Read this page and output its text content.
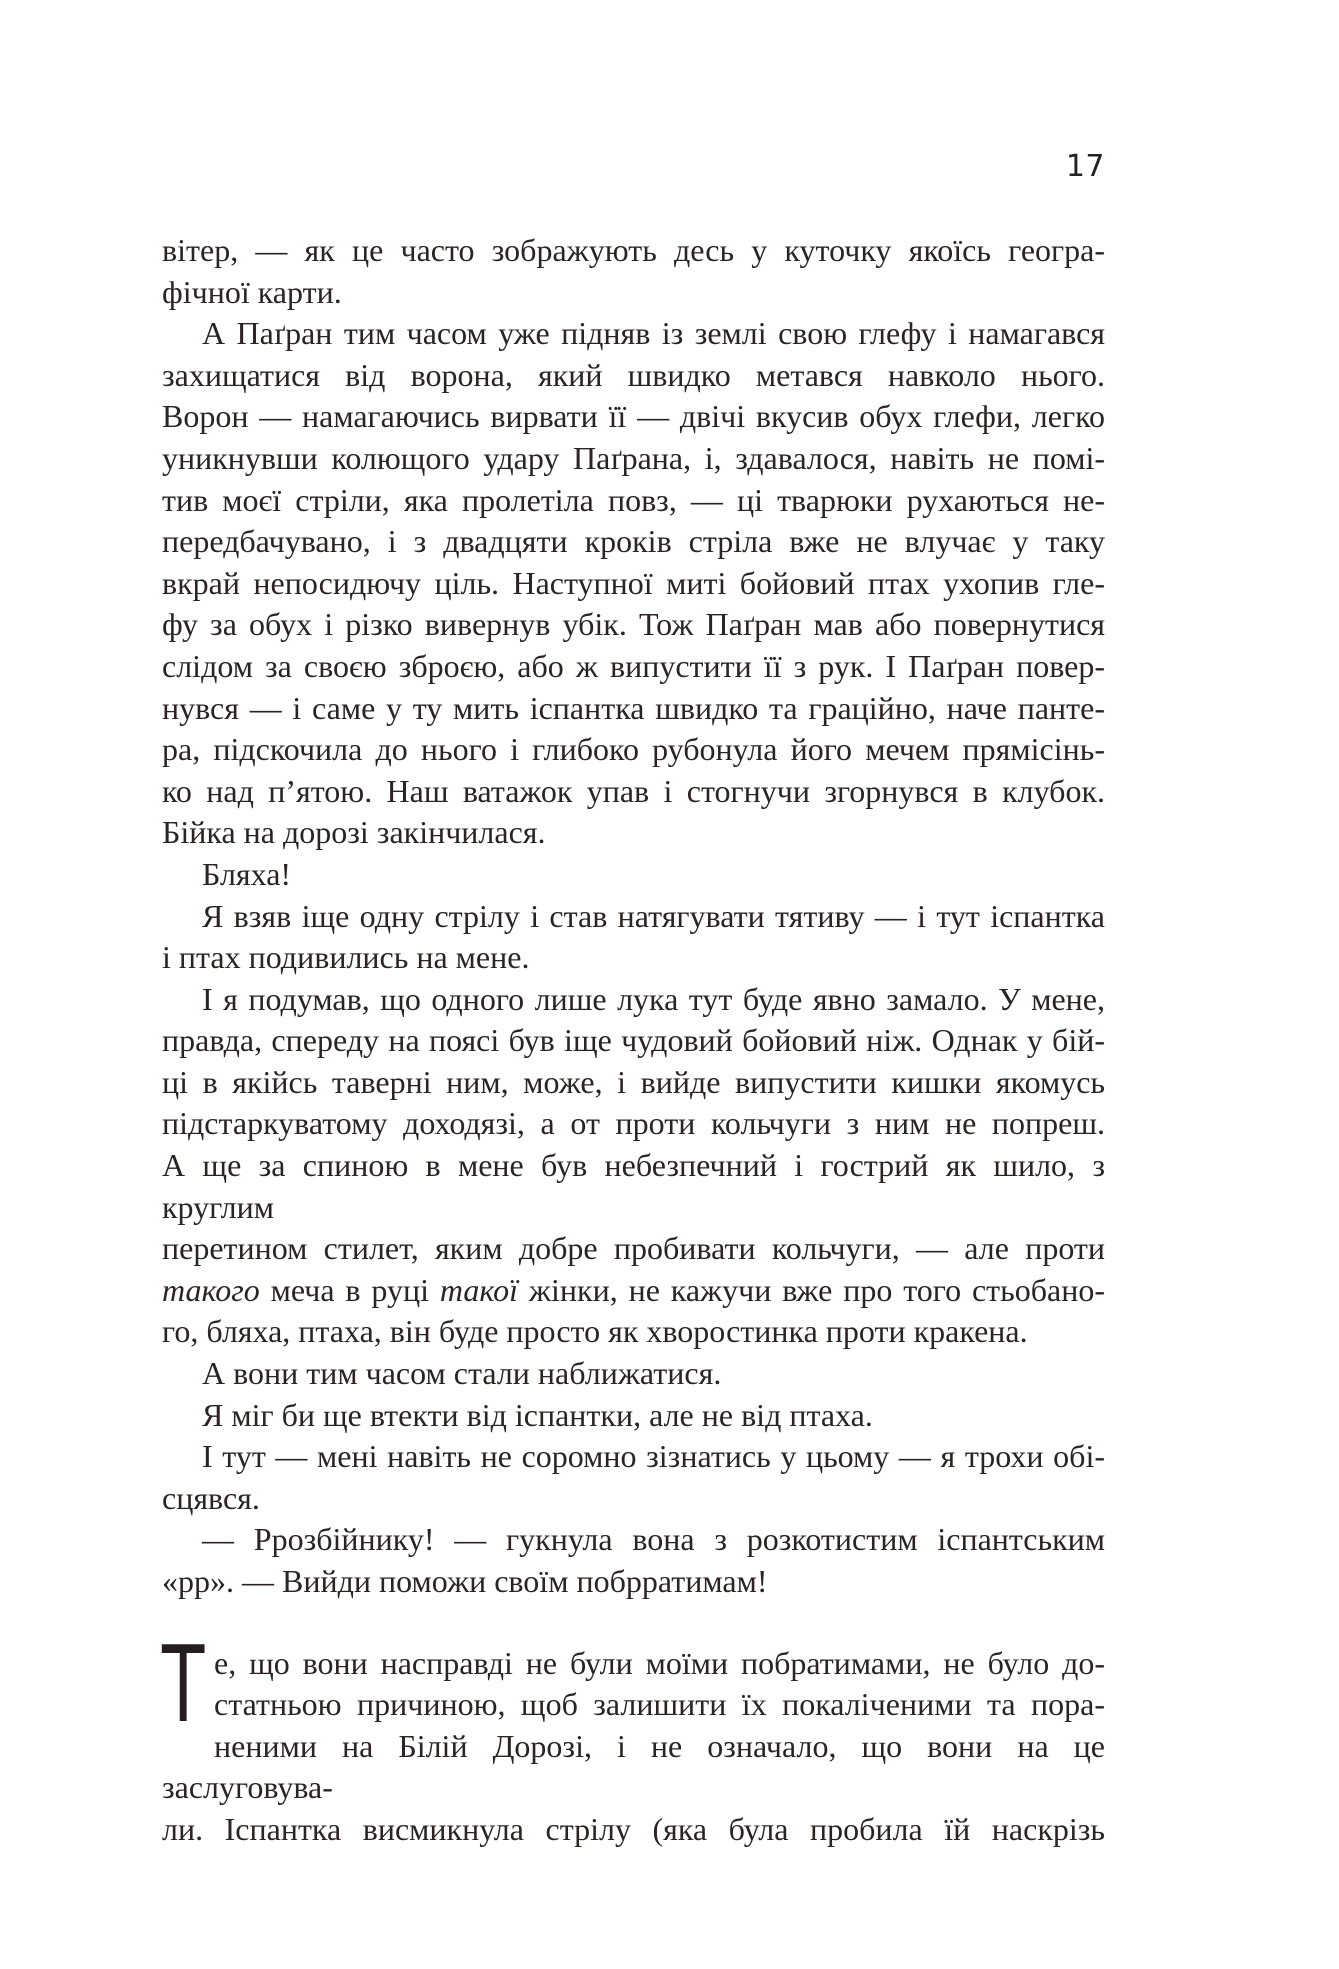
17
вітер, — як це часто зображують десь у куточку якоїсь геогра-
фічної карти.
А Паґран тим часом уже підняв із землі свою глефу і намагався
захищатися від ворона, який швидко метався навколо нього.
Ворон — намагаючись вирвати її — двічі вкусив обух глефи, легко
уникнувши колющого удару Паґрана, і, здавалося, навіть не помі-
тив моєї стріли, яка пролетіла повз, — ці тварюки рухаються не-
передбачувано, і з двадцяти кроків стріла вже не влучає у таку
вкрай непосидючу ціль. Наступної миті бойовий птах ухопив гле-
фу за обух і різко вивернув убік. Тож Паґран мав або повернутися
слідом за своєю зброєю, або ж випустити її з рук. І Паґран повер-
нувся — і саме у ту мить іспантка швидко та граційно, наче панте-
ра, підскочила до нього і глибоко рубонула його мечем прямісінь-
ко над п’ятою. Наш ватажок упав і стогнучи згорнувся в клубок.
Бійка на дорозі закінчилася.
Бляха!
Я взяв іще одну стрілу і став натягувати тятиву — і тут іспантка
і птах подивились на мене.
І я подумав, що одного лише лука тут буде явно замало. У мене,
правда, спереду на поясі був іще чудовий бойовий ніж. Однак у бій-
ці в якійсь таверні ним, може, і вийде випустити кишки якомусь
підстаркуватому доходязі, а от проти кольчуги з ним не попреш.
А ще за спиною в мене був небезпечний і гострий як шило, з круглим
перетином стилет, яким добре пробивати кольчуги, — але проти
такого меча в руці такої жінки, не кажучи вже про того стьобано-
го, бляха, птаха, він буде просто як хворостинка проти кракена.
А вони тим часом стали наближатися.
Я міг би ще втекти від іспантки, але не від птаха.
І тут — мені навіть не соромно зізнатись у цьому — я трохи обі-
сцявся.
— Ррозбійнику! — гукнула вона з розкотистим іспантським
«рр». — Вийди поможи своїм побрратимам!
Т е, що вони насправді не були моїми побратимами, не було до-
статньою причиною, щоб залишити їх покаліченими та пора-
неними на Білій Дорозі, і не означало, що вони на це заслуговува-
ли. Іспантка висмикнула стрілу (яка була пробила їй наскрізь
